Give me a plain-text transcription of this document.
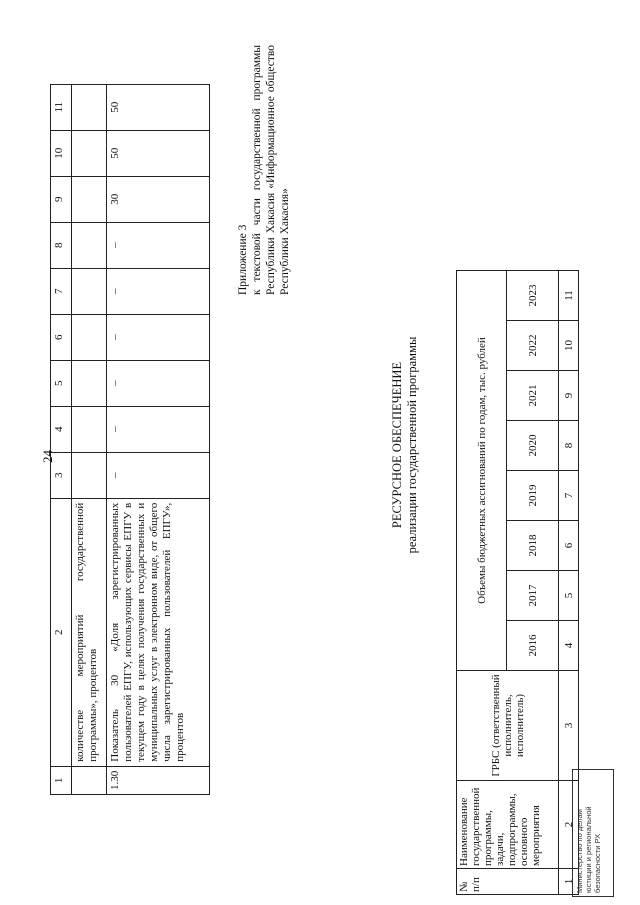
24
1	2	3	4	5	6	7	8	9	10	11
	количестве мероприятий государственной программы», процентов									
1.30	Показатель 30 «Доля зарегистрированных пользователей ЕПГУ, использующих сервисы ЕПГУ в текущем году в целях получения государственных и муниципальных услуг в электронном виде, от общего числа зарегистрированных пользователей ЕПГУ», процентов	–	–	–	–	–	–	30	50	50
Приложение 3 к текстовой части государственной программы Республики Хакасия «Информационное общество Республики Хакасия»
РЕСУРСНОЕ ОБЕСПЕЧЕНИЕ реализации государственной программы
№ п/п	Наименование государственной программы, задачи, подпрограммы, основного мероприятия	ГРБС (ответственный исполнитель, исполнитель)	Объемы бюджетных ассигнований по годам, тыс. рублей							
			2016	2017	2018	2019	2020	2021	2022	2023
1	2	3	4	5	6	7	8	9	10	11
Министерство по делам юстиции и региональной безопасности РХ
